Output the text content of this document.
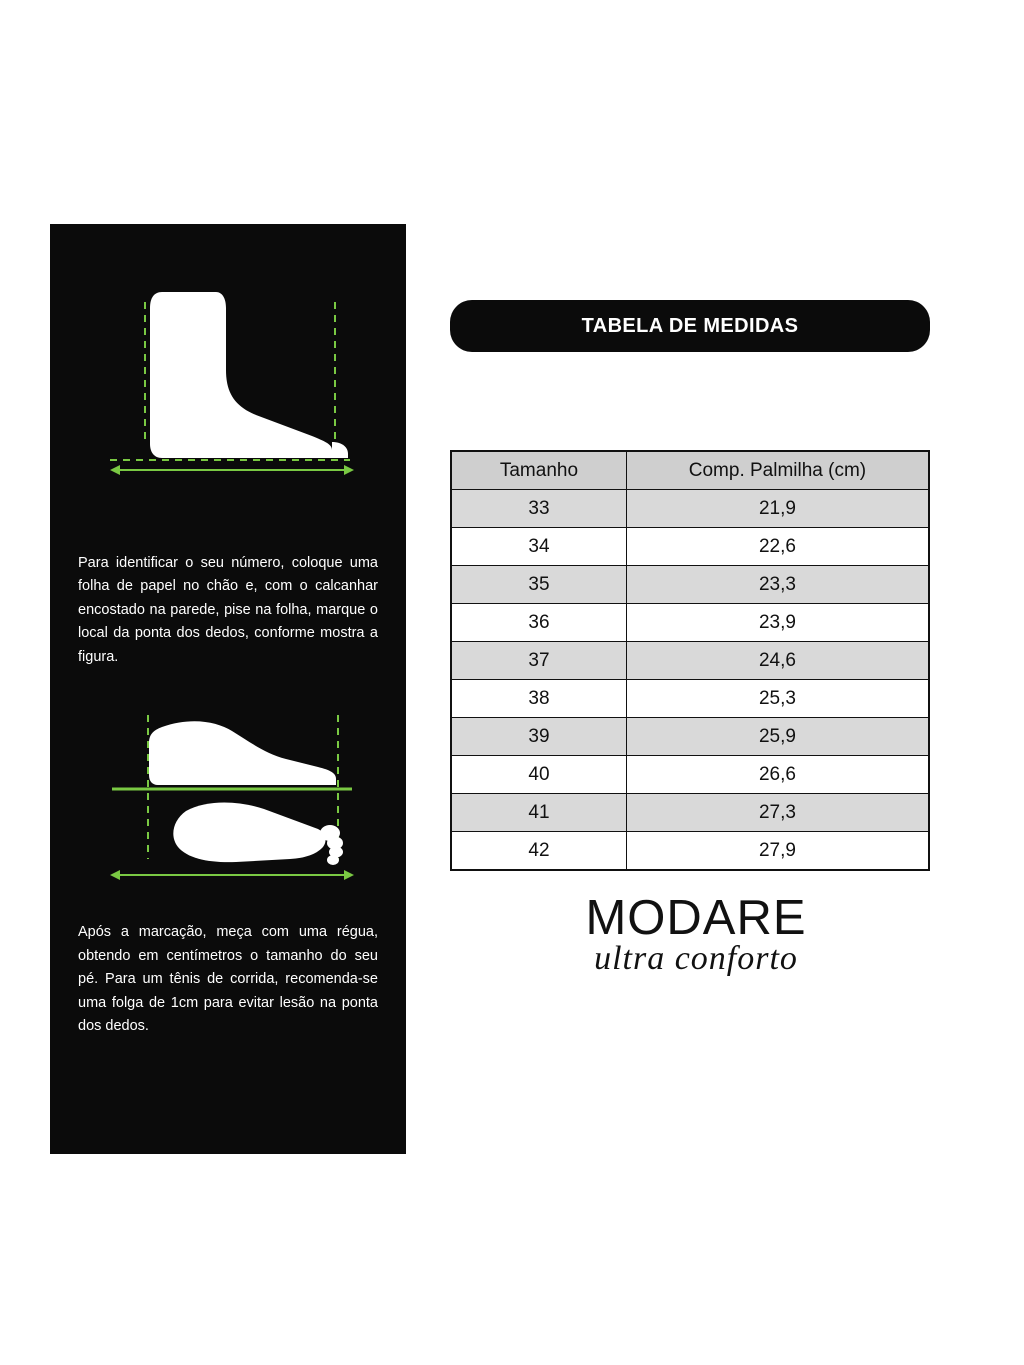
Para identificar o seu número, coloque uma folha de papel no chão e, com o calcanhar encostado na parede, pise na folha, marque o local da ponta dos dedos, conforme mostra a figura.

Após a marcação, meça com uma régua, obtendo em centímetros o tamanho do seu pé. Para um tênis de corrida, recomenda-se uma folga de 1cm para evitar lesão na ponta dos dedos.

TABELA DE MEDIDAS
Tamanho	Comp. Palmilha (cm)
33	21,9
34	22,6
35	23,3
36	23,9
37	24,6
38	25,3
39	25,9
40	26,6
41	27,3
42	27,9
MODARE
ultra conforto
